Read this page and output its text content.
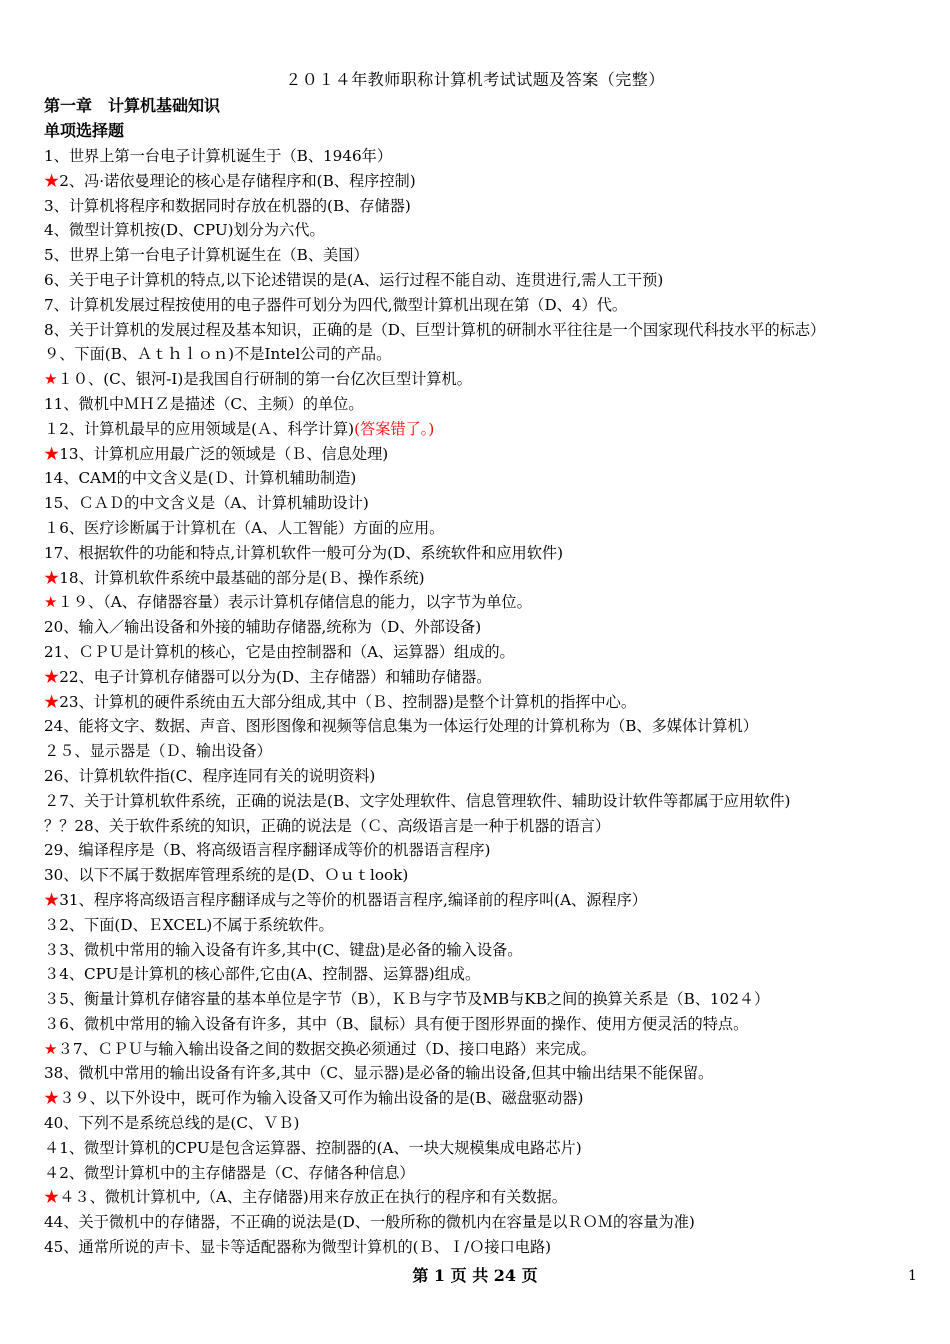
２０１４年教师职称计算机考试试题及答案（完整）
第一章　计算机基础知识
单项选择题
1、世界上第一台电子计算机诞生于（B、1946年）
★2、冯·诺依曼理论的核心是存储程序和(B、程序控制)
3、计算机将程序和数据同时存放在机器的(B、存储器)
4、微型计算机按(D、CPU)划分为六代。
5、世界上第一台电子计算机诞生在（B、美国）
6、关于电子计算机的特点,以下论述错误的是(A、运行过程不能自动、连贯进行,需人工干预)
7、计算机发展过程按使用的电子器件可划分为四代,微型计算机出现在第（D、4）代。
8、关于计算机的发展过程及基本知识，正确的是（D、巨型计算机的研制水平往往是一个国家现代科技水平的标志）
９、下面(B、Ａｔｈｌｏｎ)不是Intel公司的产品。
★１０、(C、银河-Ⅰ)是我国自行研制的第一台亿次巨型计算机。
11、微机中ＭＨＺ是描述（C、主频）的单位。
１2、计算机最早的应用领域是(Ａ、科学计算)(答案错了。)
★13、计算机应用最广泛的领域是（Ｂ、信息处理)
14、CAM的中文含义是(Ｄ、计算机辅助制造)
15、ＣＡＤ的中文含义是（A、计算机辅助设计)
１6、医疗诊断属于计算机在（A、人工智能）方面的应用。
17、根据软件的功能和特点,计算机软件一般可分为(D、系统软件和应用软件)
★18、计算机软件系统中最基础的部分是(Ｂ、操作系统)
★１９、（A、存储器容量）表示计算机存储信息的能力，以字节为单位。
20、输入／输出设备和外接的辅助存储器,统称为（D、外部设备)
21、ＣＰＵ是计算机的核心，它是由控制器和（A、运算器）组成的。
★22、电子计算机存储器可以分为(D、主存储器）和辅助存储器。
★23、计算机的硬件系统由五大部分组成,其中（Ｂ、控制器)是整个计算机的指挥中心。
24、能将文字、数据、声音、图形图像和视频等信息集为一体运行处理的计算机称为（B、多媒体计算机）
２５、显示器是（Ｄ、输出设备）
26、计算机软件指(C、程序连同有关的说明资料)
２7、关于计算机软件系统，正确的说法是(B、文字处理软件、信息管理软件、辅助设计软件等都属于应用软件)
？？28、关于软件系统的知识，正确的说法是（Ｃ、高级语言是一种于机器的语言）
29、编译程序是（B、将高级语言程序翻译成等价的机器语言程序)
30、以下不属于数据库管理系统的是(D、Ｏｕｔlook)
★31、程序将高级语言程序翻译成与之等价的机器语言程序,编译前的程序叫(A、源程序）
３2、下面(D、ＥXCEL)不属于系统软件。
３3、微机中常用的输入设备有许多,其中(C、键盘)是必备的输入设备。
３4、CPU是计算机的核心部件,它由(A、控制器、运算器)组成。
３5、衡量计算机存储容量的基本单位是字节（B），ＫＢ与字节及MB与KB之间的换算关系是（B、102４）
３6、微机中常用的输入设备有许多，其中（B、鼠标）具有便于图形界面的操作、使用方便灵活的特点。
★３7、ＣＰＵ与输入输出设备之间的数据交换必须通过（D、接口电路）来完成。
38、微机中常用的输出设备有许多,其中（C、显示器)是必备的输出设备,但其中输出结果不能保留。
★３９、以下外设中，既可作为输入设备又可作为输出设备的是(B、磁盘驱动器)
40、下列不是系统总线的是(C、ＶＢ)
４1、微型计算机的CPU是包含运算器、控制器的(A、一块大规模集成电路芯片)
４2、微型计算机中的主存储器是（C、存储各种信息）
★４３、微机计算机中,（A、主存储器)用来存放正在执行的程序和有关数据。
44、关于微机中的存储器，不正确的说法是(D、一般所称的微机内在容量是以ＲＯＭ的容量为准)
45、通常所说的声卡、显卡等适配器称为微型计算机的(Ｂ、Ｉ/Ｏ接口电路)
第 1 页 共 24 页	1
